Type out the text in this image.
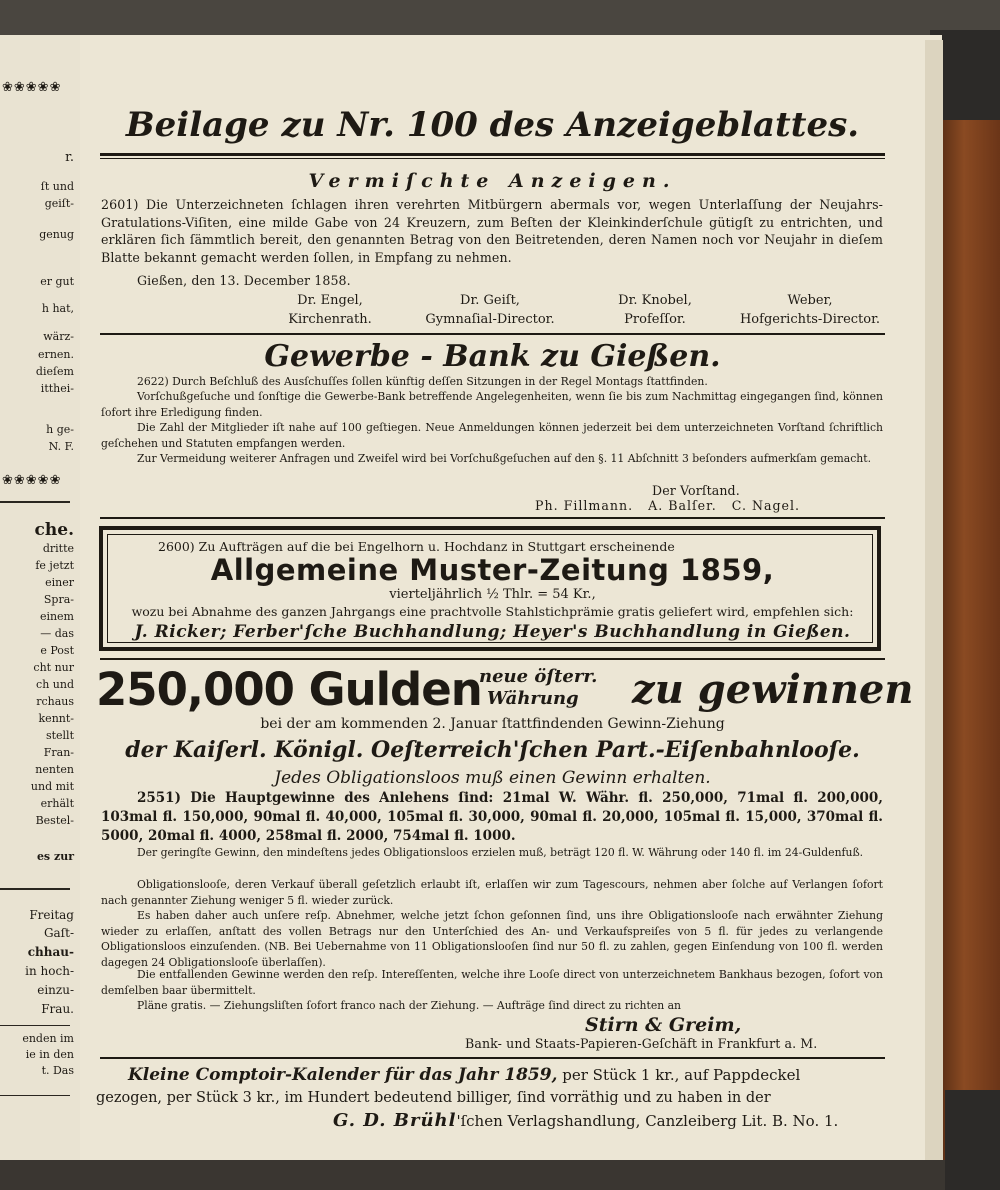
❀❀❀❀❀
r.
ſt und
geiſt-
genug
er gut
h hat,
wärz-
ernen.
dieſem
itthei-
h ge-
N. F.
❀❀❀❀❀
che.
dritte
fe jetzt
einer
Spra-
einem
— das
e Post
cht nur
ch und
rchaus
kennt-
stellt
Fran-
nenten
und mit
erhält
Bestel-
es zur
Freitag
Gaſt-
chhau-
in hoch-
einzu-
Frau.
enden im
ie in den
t. Das
Beilage zu Nr. 100 des Anzeigeblattes.
Vermiſchte Anzeigen.
2601) Die Unterzeichneten ſchlagen ihren verehrten Mitbürgern abermals vor, wegen Unterlaſſung der Neujahrs-Gratulations-Viſiten, eine milde Gabe von 24 Kreuzern, zum Beſten der Kleinkinderſchule gütigſt zu entrichten, und erklären ſich ſämmtlich bereit, den genannten Betrag von den Beitretenden, deren Namen noch vor Neujahr in dieſem Blatte bekannt gemacht werden ſollen, in Empfang zu nehmen.
Gießen, den 13. December 1858.
Dr. Engel,
Kirchenrath.
Dr. Geiſt,
Gymnaſial-Director.
Dr. Knobel,
Profeſſor.
Weber,
Hofgerichts-Director.
Gewerbe - Bank zu Gießen.
2622) Durch Beſchluß des Ausſchuſſes ſollen künftig deſſen Sitzungen in der Regel Montags ſtattfinden.
Vorſchußgeſuche und ſonſtige die Gewerbe-Bank betreffende Angelegenheiten, wenn ſie bis zum Nachmittag eingegangen ſind, können ſofort ihre Erledigung finden.
Die Zahl der Mitglieder iſt nahe auf 100 geſtiegen. Neue Anmeldungen können jederzeit bei dem unterzeichneten Vorſtand ſchriftlich geſchehen und Statuten empfangen werden.
Zur Vermeidung weiterer Anfragen und Zweifel wird bei Vorſchußgeſuchen auf den §. 11 Abſchnitt 3 beſonders aufmerkſam gemacht.
Der Vorſtand.
Ph. Fillmann.   A. Balſer.   C. Nagel.
2600) Zu Aufträgen auf die bei Engelhorn u. Hochdanz in Stuttgart erscheinende
Allgemeine Muster-Zeitung 1859,
vierteljährlich ½ Thlr. = 54 Kr.,
wozu bei Abnahme des ganzen Jahrgangs eine prachtvolle Stahlstichprämie gratis geliefert wird, empfehlen sich:
J. Ricker; Ferber'ſche Buchhandlung; Heyer's Buchhandlung in Gießen.
250,000 Gulden
neue öſterr.
Währung zu gewinnen
bei der am kommenden 2. Januar ſtattfindenden Gewinn-Ziehung
der Kaiſerl. Königl. Oeſterreich'ſchen Part.-Eiſenbahnlooſe.
Jedes Obligationsloos muß einen Gewinn erhalten.
2551) Die Hauptgewinne des Anlehens ſind: 21mal W. Währ. fl. 250,000, 71mal fl. 200,000, 103mal fl. 150,000, 90mal fl. 40,000, 105mal fl. 30,000, 90mal fl. 20,000, 105mal fl. 15,000, 370mal fl. 5000, 20mal fl. 4000, 258mal fl. 2000, 754mal fl. 1000.
Der geringſte Gewinn, den mindeſtens jedes Obligationsloos erzielen muß, beträgt 120 fl. W. Währung oder 140 fl. im 24-Guldenfuß.
Obligationslooſe, deren Verkauf überall geſetzlich erlaubt iſt, erlaſſen wir zum Tagescours, nehmen aber ſolche auf Verlangen ſofort nach genannter Ziehung weniger 5 fl. wieder zurück.
Es haben daher auch unſere reſp. Abnehmer, welche jetzt ſchon geſonnen ſind, uns ihre Obligationslooſe nach erwähnter Ziehung wieder zu erlaſſen, anſtatt des vollen Betrags nur den Unterſchied des An- und Verkaufspreiſes von 5 fl. für jedes zu verlangende Obligationsloos einzuſenden. (NB. Bei Uebernahme von 11 Obligationslooſen ſind nur 50 fl. zu zahlen, gegen Einſendung von 100 fl. werden dagegen 24 Obligationslooſe überlaſſen).
Die entfallenden Gewinne werden den reſp. Intereſſenten, welche ihre Looſe direct von unterzeichnetem Bankhaus bezogen, ſofort von demſelben baar übermittelt.
Pläne gratis. — Ziehungsliſten ſofort franco nach der Ziehung. — Aufträge ſind direct zu richten an
Stirn & Greim,
Bank- und Staats-Papieren-Geſchäft in Frankfurt a. M.
Kleine Comptoir-Kalender für das Jahr 1859, per Stück 1 kr., auf Pappdeckel
gezogen, per Stück 3 kr., im Hundert bedeutend billiger, ſind vorräthig und zu haben in der
G. D. Brühl'ſchen Verlagshandlung, Canzleiberg Lit. B. No. 1.
